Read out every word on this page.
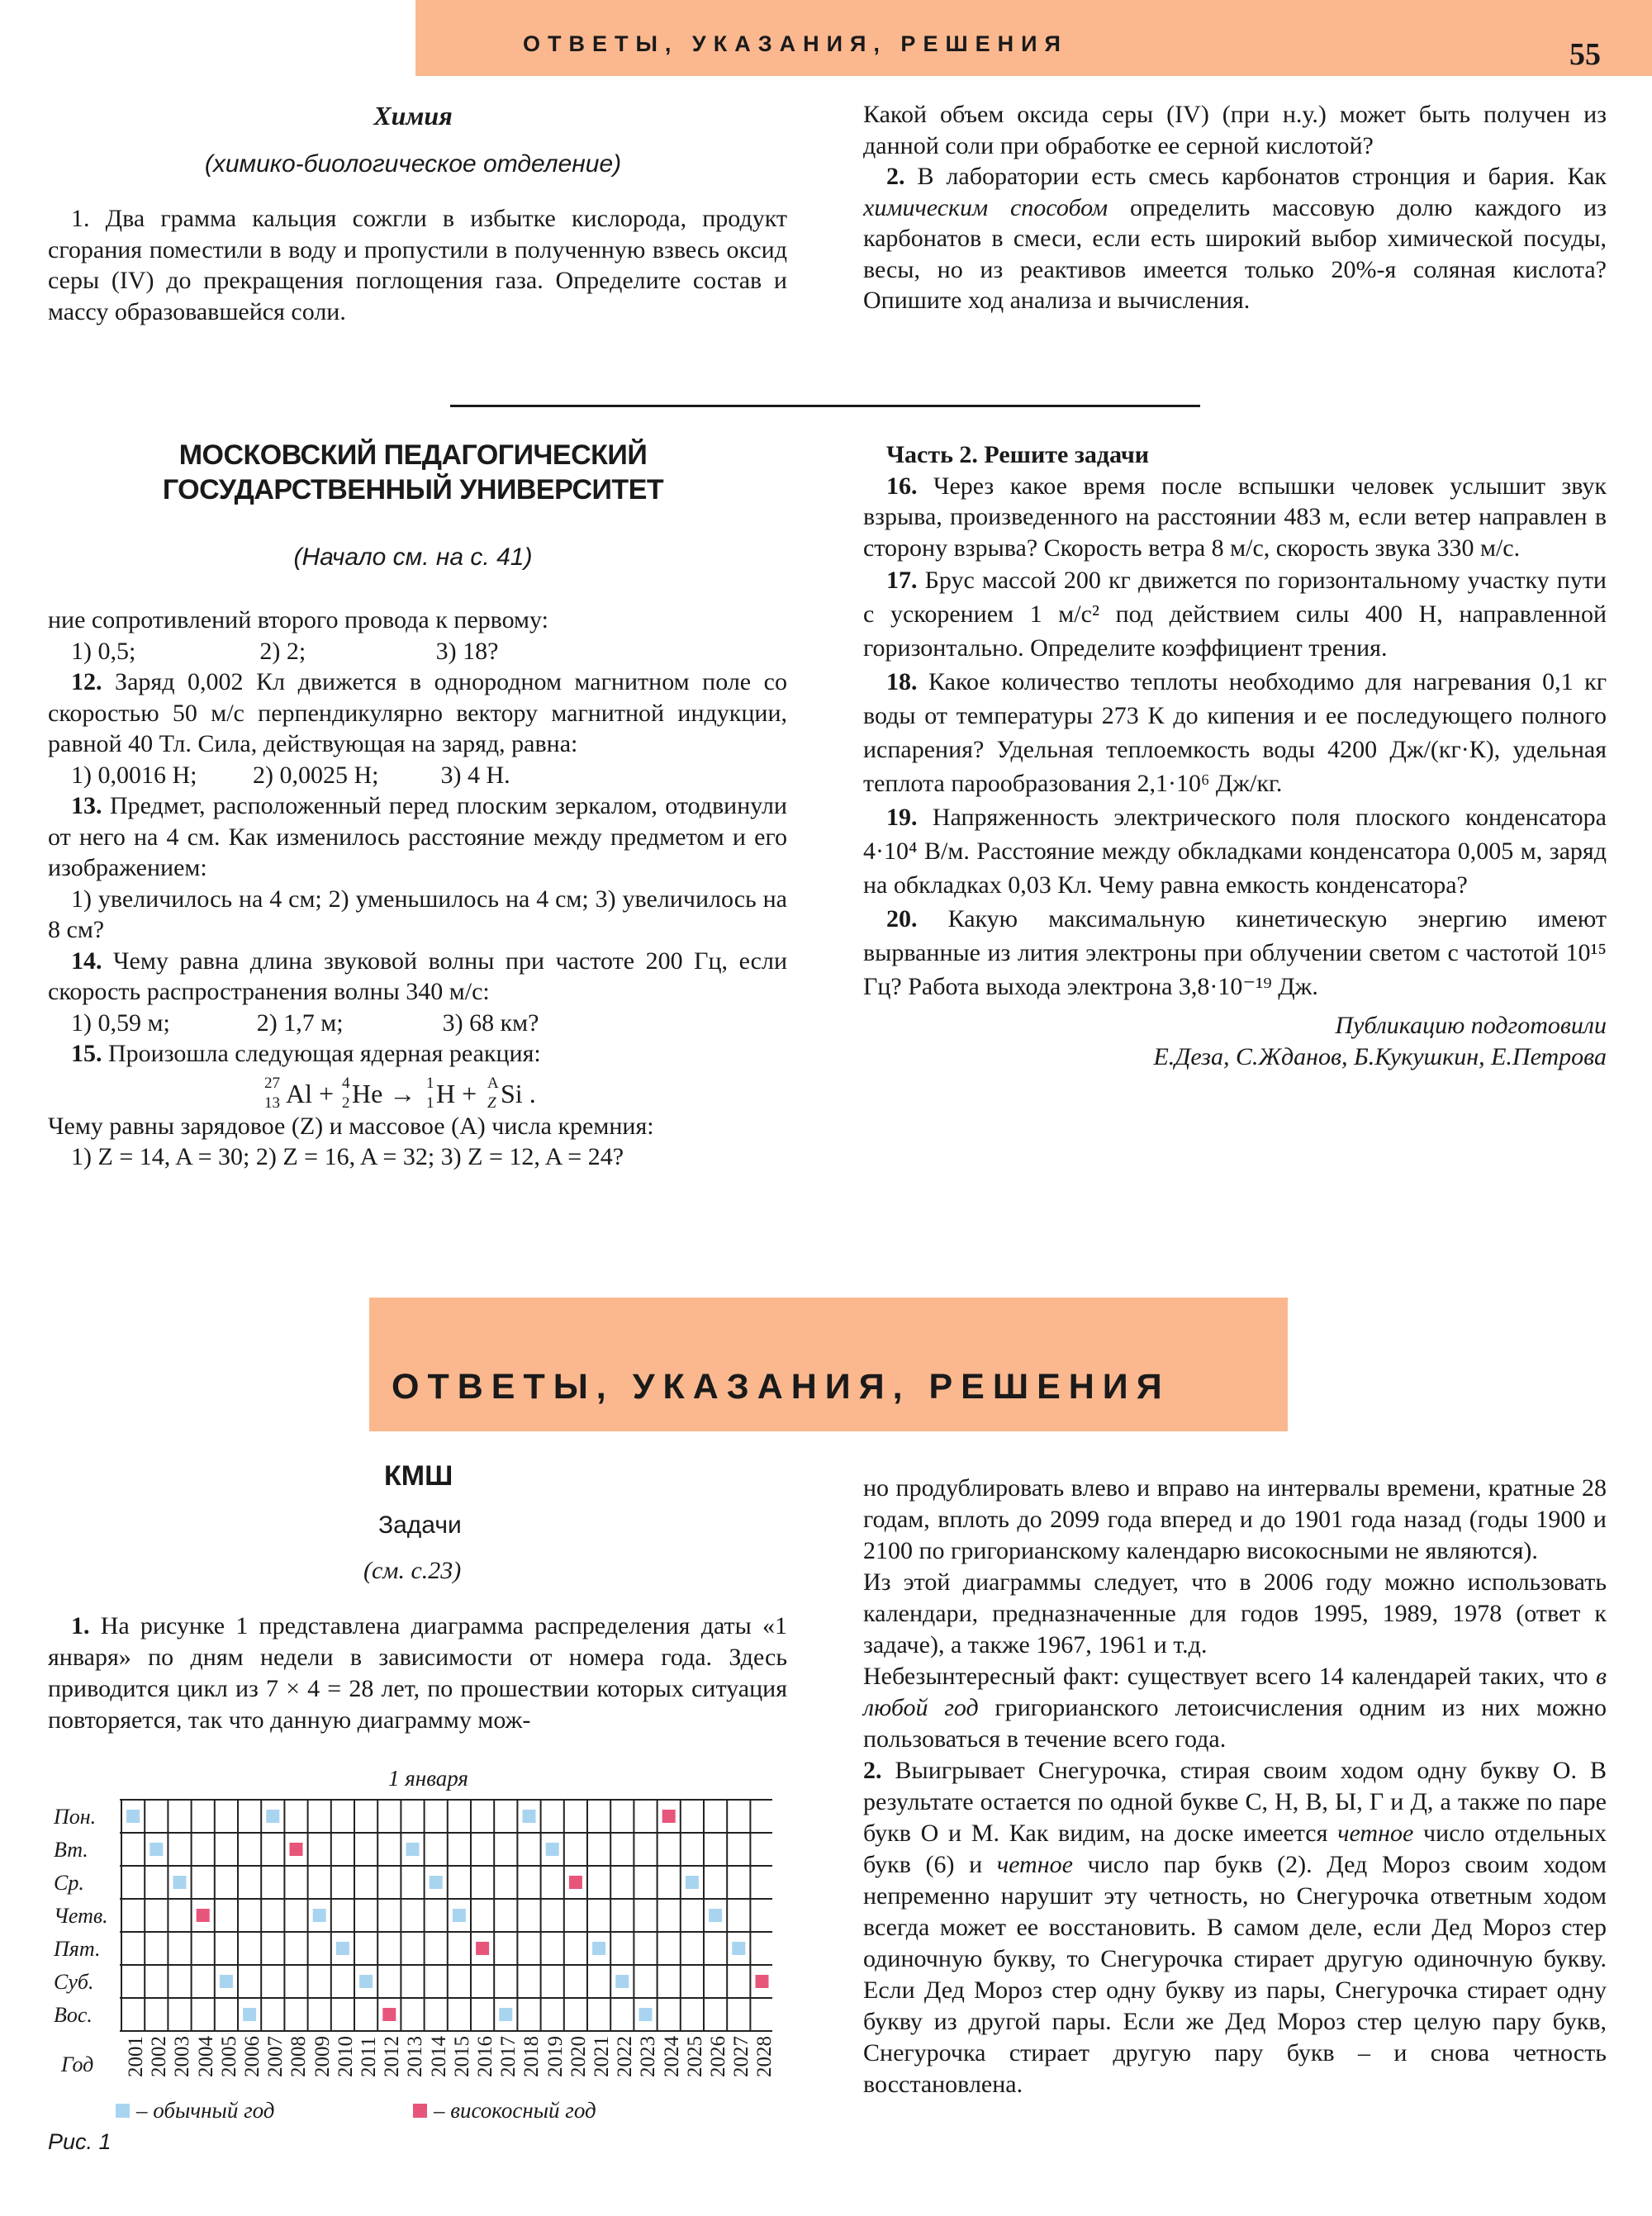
ОТВЕТЫ, УКАЗАНИЯ, РЕШЕНИЯ	55
Химия
(химико-биологическое отделение)

1. Два грамма кальция сожгли в избытке кислорода, продукт сгорания поместили в воду и пропустили в полученную взвесь оксид серы (IV) до прекращения поглощения газа. Определите состав и массу образовавшейся соли.

Какой объем оксида серы (IV) (при н.у.) может быть получен из данной соли при обработке ее серной кислотой?

2. В лаборатории есть смесь карбонатов стронция и бария. Как химическим способом определить массовую долю каждого из карбонатов в смеси, если есть широкий выбор химической посуды, весы, но из реактивов имеется только 20%-я соляная кислота? Опишите ход анализа и вычисления.

МОСКОВСКИЙ ПЕДАГОГИЧЕСКИЙ
ГОСУДАРСТВЕННЫЙ УНИВЕРСИТЕТ
(Начало см. на с. 41)

ние сопротивлений второго провода к первому:

1) 0,5;                    2) 2;                     3) 18?

12. Заряд 0,002 Кл движется в однородном магнитном поле со скоростью 50 м/с перпендикулярно вектору магнитной индукции, равной 40 Тл. Сила, действующая на заряд, равна:

1) 0,0016 Н;         2) 0,0025 Н;          3) 4 Н.

13. Предмет, расположенный перед плоским зеркалом, отодвинули от него на 4 см. Как изменилось расстояние между предметом и его изображением:

1) увеличилось на 4 см; 2) уменьшилось на 4 см; 3) увеличилось на 8 см?

14. Чему равна длина звуковой волны при частоте 200 Гц, если скорость распространения волны 340 м/с:

1) 0,59 м;              2) 1,7 м;                3) 68 км?

15. Произошла следующая ядерная реакция:

27
13 Al + 4
2 He → 1
1 H + A
Z Si .

Чему равны зарядовое (Z) и массовое (A) числа кремния:

1) Z = 14, A = 30; 2) Z = 16, A = 32; 3) Z = 12, A = 24?

Часть 2. Решите задачи

16. Через какое время после вспышки человек услышит звук взрыва, произведенного на расстоянии 483 м, если ветер направлен в сторону взрыва? Скорость ветра 8 м/с, скорость звука 330 м/с.

17. Брус массой 200 кг движется по горизонтальному участку пути с ускорением 1 м/с² под действием силы 400 Н, направленной горизонтально. Определите коэффициент трения.

18. Какое количество теплоты необходимо для нагревания 0,1 кг воды от температуры 273 К до кипения и ее последующего полного испарения? Удельная теплоемкость воды 4200 Дж/(кг·К), удельная теплота парообразования 2,1·10⁶ Дж/кг.

19. Напряженность электрического поля плоского конденсатора 4·10⁴ В/м. Расстояние между обкладками конденсатора 0,005 м, заряд на обкладках 0,03 Кл. Чему равна емкость конденсатора?

20. Какую максимальную кинетическую энергию имеют вырванные из лития электроны при облучении светом с частотой 10¹⁵ Гц? Работа выхода электрона 3,8·10⁻¹⁹ Дж.

Публикацию подготовили

Е.Деза, С.Жданов, Б.Кукушкин, Е.Петрова

ОТВЕТЫ, УКАЗАНИЯ, РЕШЕНИЯ
КМШ
Задачи
(см. с.23)

1. На рисунке 1 представлена диаграмма распределения даты «1 января» по дням недели в зависимости от номера года. Здесь приводится цикл из 7 × 4 = 28 лет, по прошествии которых ситуация повторяется, так что данную диаграмму мож-

но продублировать влево и вправо на интервалы времени, кратные 28 годам, вплоть до 2099 года вперед и до 1901 года назад (годы 1900 и 2100 по григорианскому календарю високосными не являются).

Из этой диаграммы следует, что в 2006 году можно использовать календари, предназначенные для годов 1995, 1989, 1978 (ответ к задаче), а также 1967, 1961 и т.д.

Небезынтересный факт: существует всего 14 календарей таких, что в любой год григорианского летоисчисления одним из них можно пользоваться в течение всего года.

2. Выигрывает Снегурочка, стирая своим ходом одну букву О. В результате остается по одной букве С, Н, В, Ы, Г и Д, а также по паре букв О и М. Как видим, на доске имеется четное число отдельных букв (6) и четное число пар букв (2). Дед Мороз своим ходом непременно нарушит эту четность, но Снегурочка ответным ходом всегда может ее восстановить. В самом деле, если Дед Мороз стер одиночную букву, то Снегурочка стирает другую одиночную букву. Если Дед Мороз стер одну букву из пары, Снегурочка стирает одну букву из другой пары. Если же Дед Мороз стер целую пару букв, Снегурочка стирает другую пару букв – и снова четность восстановлена.

1 января
Пон.
Вт.
Ср.
Четв.
Пят.
Суб.
Вос.
2001 2002 2003 2004 2005 2006 2007 2008 2009 2010 2011 2012 2013 2014 2015 2016 2017 2018 2019 2020 2021 2022 2023 2024 2025 2026 2027 2028
Год
– обычный год	– високосный год
Рис. 1
